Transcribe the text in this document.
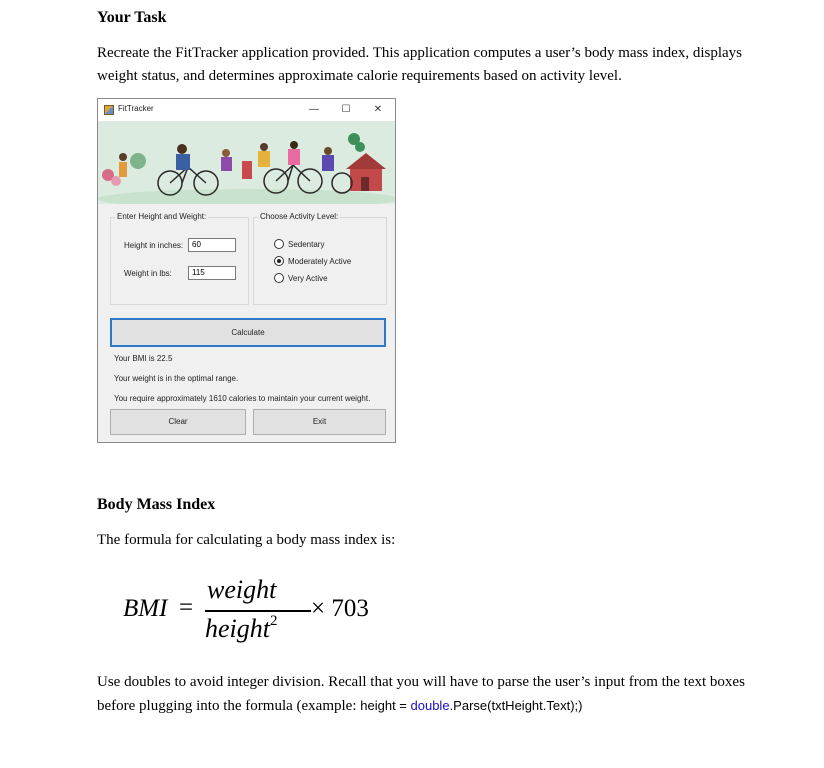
Your Task
Recreate the FitTracker application provided. This application computes a user’s body mass index, displays weight status, and determines approximate calorie requirements based on activity level.
FitTracker	—	☐	✕
Enter Height and Weight:
Height in inches:	60
Weight in lbs:	115
Choose Activity Level:
Sedentary
Moderately Active
Very Active
Calculate
Your BMI is 22.5
Your weight is in the optimal range.
You require approximately 1610 calories to maintain your current weight.
Clear	Exit
Body Mass Index
The formula for calculating a body mass index is:
BMI =
weight
height$^2$ × 703
Use doubles to avoid integer division. Recall that you will have to parse the user’s input from the text boxes before plugging into the formula (example: height = double.Parse(txtHeight.Text);)
